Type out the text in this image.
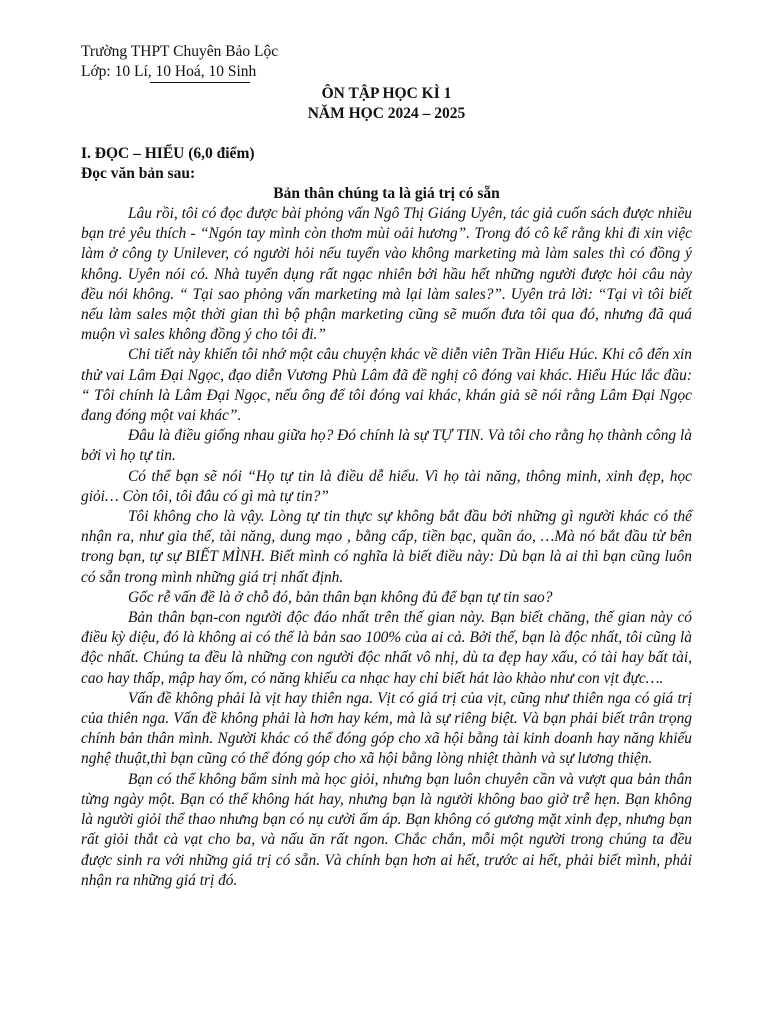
Trường THPT Chuyên Bảo Lộc

Lớp: 10 Lí, 10 Hoá, 10 Sinh

ÔN TẬP HỌC KÌ 1

NĂM HỌC 2024 – 2025

I. ĐỌC – HIỂU (6,0 điểm)

Đọc văn bản sau:

Bản thân chúng ta là giá trị có sẵn

Lâu rồi, tôi có đọc được bài phỏng vấn Ngô Thị Giáng Uyên, tác giả cuốn sách được nhiều bạn trẻ yêu thích - “Ngón tay mình còn thơm mùi oải hương”. Trong đó cô kể rằng khi đi xin việc làm ở công ty Unilever, có người hỏi nếu tuyển vào không marketing mà làm sales thì có đồng ý không. Uyên nói có. Nhà tuyển dụng rất ngạc nhiên bởi hầu hết những người được hỏi câu này đều nói không. “ Tại sao phỏng vấn marketing mà lại làm sales?”. Uyên trả lời: “Tại vì tôi biết nếu làm sales một thời gian thì bộ phận marketing cũng sẽ muốn đưa tôi qua đó, nhưng đã quá muộn vì sales không đồng ý cho tôi đi.”

Chi tiết này khiến tôi nhớ một câu chuyện khác về diễn viên Trần Hiểu Húc. Khi cô đến xin thử vai Lâm Đại Ngọc, đạo diễn Vương Phù Lâm đã đề nghị cô đóng vai khác. Hiểu Húc lắc đầu: “ Tôi chính là Lâm Đại Ngọc, nếu ông để tôi đóng vai khác, khán giả sẽ nói rằng Lâm Đại Ngọc đang đóng một vai khác”.

Đâu là điều giống nhau giữa họ? Đó chính là sự TỰ TIN. Và tôi cho rằng họ thành công là bởi vì họ tự tin.

Có thể bạn sẽ nói “Họ tự tin là điều dễ hiểu. Vì họ tài năng, thông minh, xinh đẹp, học giỏi… Còn tôi, tôi đâu có gì mà tự tin?”

Tôi không cho là vậy. Lòng tự tin thực sự không bắt đầu bởi những gì người khác có thể nhận ra, như gia thế, tài năng, dung mạo , bằng cấp, tiền bạc, quần áo, …Mà nó bắt đầu từ bên trong bạn, tự sự BIẾT MÌNH. Biết mình có nghĩa là biết điều này: Dù bạn là ai thì bạn cũng luôn có sẵn trong mình những giá trị nhất định.

Gốc rễ vấn đề là ở chỗ đó, bản thân bạn không đủ để bạn tự tin sao?

Bản thân bạn-con người độc đáo nhất trên thế gian này. Bạn biết chăng, thế gian này có điều kỳ diệu, đó là không ai có thể là bản sao 100% của ai cả. Bởi thế, bạn là độc nhất, tôi cũng là độc nhất. Chúng ta đều là những con người độc nhất vô nhị, dù ta đẹp hay xấu, có tài hay bất tài, cao hay thấp, mập hay ốm, có năng khiếu ca nhạc hay chỉ biết hát lào khào như con vịt đực….

Vấn đề không phải là vịt hay thiên nga. Vịt có giá trị của vịt, cũng như thiên nga có giá trị của thiên nga. Vấn đề không phải là hơn hay kém, mà là sự riêng biệt. Và bạn phải biết trân trọng chính bản thân mình. Người khác có thể đóng góp cho xã hội bằng tài kinh doanh hay năng khiếu nghệ thuật,thì bạn cũng có thể đóng góp cho xã hội bằng lòng nhiệt thành và sự lương thiện.

Bạn có thể không bẩm sinh mà học giỏi, nhưng bạn luôn chuyên cần và vượt qua bản thân từng ngày một. Bạn có thể không hát hay, nhưng bạn là người không bao giờ trễ hẹn. Bạn không là người giỏi thể thao nhưng bạn có nụ cười ấm áp. Bạn không có gương mặt xinh đẹp, nhưng bạn rất giỏi thắt cà vạt cho ba, và nấu ăn rất ngon. Chắc chắn, mỗi một người trong chúng ta đều được sinh ra với những giá trị có sẵn. Và chính bạn hơn ai hết, trước ai hết, phải biết mình, phải nhận ra những giá trị đó.
